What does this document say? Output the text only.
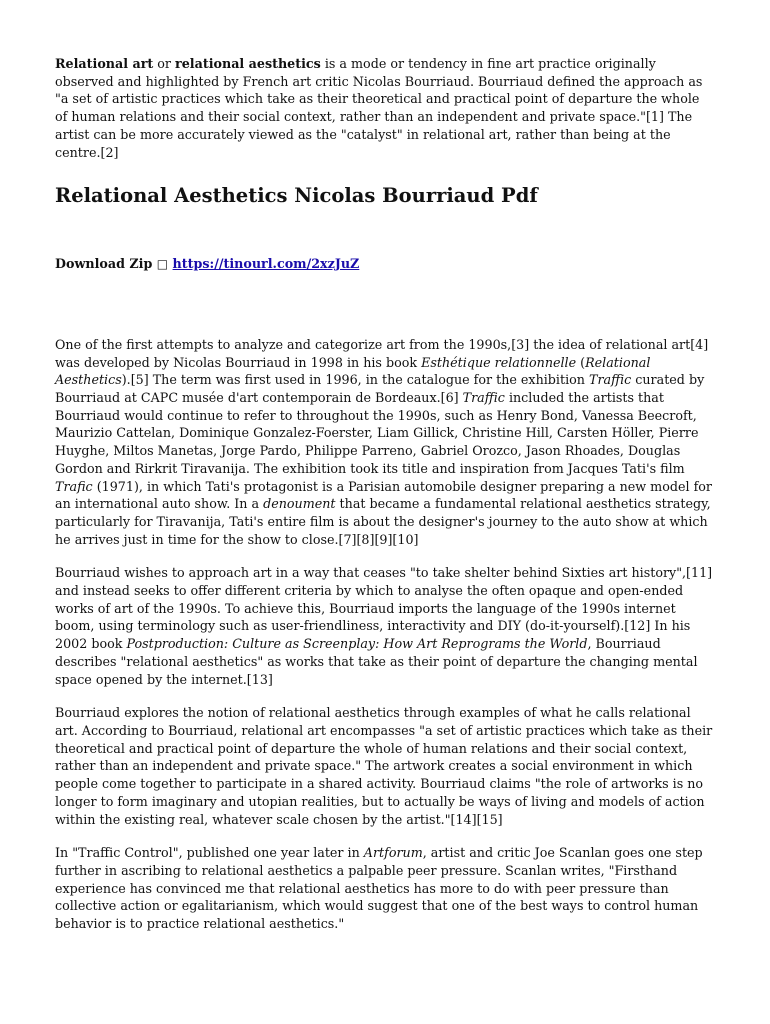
Relational art or relational aesthetics is a mode or tendency in fine art practice originally observed and highlighted by French art critic Nicolas Bourriaud. Bourriaud defined the approach as "a set of artistic practices which take as their theoretical and practical point of departure the whole of human relations and their social context, rather than an independent and private space."[1] The artist can be more accurately viewed as the "catalyst" in relational art, rather than being at the centre.[2]

Relational Aesthetics Nicolas Bourriaud Pdf
Download Zip □ https://tinourl.com/2xzJuZ

One of the first attempts to analyze and categorize art from the 1990s,[3] the idea of relational art[4] was developed by Nicolas Bourriaud in 1998 in his book Esthétique relationnelle (Relational Aesthetics).[5] The term was first used in 1996, in the catalogue for the exhibition Traffic curated by Bourriaud at CAPC musée d'art contemporain de Bordeaux.[6] Traffic included the artists that Bourriaud would continue to refer to throughout the 1990s, such as Henry Bond, Vanessa Beecroft, Maurizio Cattelan, Dominique Gonzalez-Foerster, Liam Gillick, Christine Hill, Carsten Höller, Pierre Huyghe, Miltos Manetas, Jorge Pardo, Philippe Parreno, Gabriel Orozco, Jason Rhoades, Douglas Gordon and Rirkrit Tiravanija. The exhibition took its title and inspiration from Jacques Tati's film Trafic (1971), in which Tati's protagonist is a Parisian automobile designer preparing a new model for an international auto show. In a denoument that became a fundamental relational aesthetics strategy, particularly for Tiravanija, Tati's entire film is about the designer's journey to the auto show at which he arrives just in time for the show to close.[7][8][9][10]

Bourriaud wishes to approach art in a way that ceases "to take shelter behind Sixties art history",[11] and instead seeks to offer different criteria by which to analyse the often opaque and open-ended works of art of the 1990s. To achieve this, Bourriaud imports the language of the 1990s internet boom, using terminology such as user-friendliness, interactivity and DIY (do-it-yourself).[12] In his 2002 book Postproduction: Culture as Screenplay: How Art Reprograms the World, Bourriaud describes "relational aesthetics" as works that take as their point of departure the changing mental space opened by the internet.[13]

Bourriaud explores the notion of relational aesthetics through examples of what he calls relational art. According to Bourriaud, relational art encompasses "a set of artistic practices which take as their theoretical and practical point of departure the whole of human relations and their social context, rather than an independent and private space." The artwork creates a social environment in which people come together to participate in a shared activity. Bourriaud claims "the role of artworks is no longer to form imaginary and utopian realities, but to actually be ways of living and models of action within the existing real, whatever scale chosen by the artist."[14][15]

In "Traffic Control", published one year later in Artforum, artist and critic Joe Scanlan goes one step further in ascribing to relational aesthetics a palpable peer pressure. Scanlan writes, "Firsthand experience has convinced me that relational aesthetics has more to do with peer pressure than collective action or egalitarianism, which would suggest that one of the best ways to control human behavior is to practice relational aesthetics."
